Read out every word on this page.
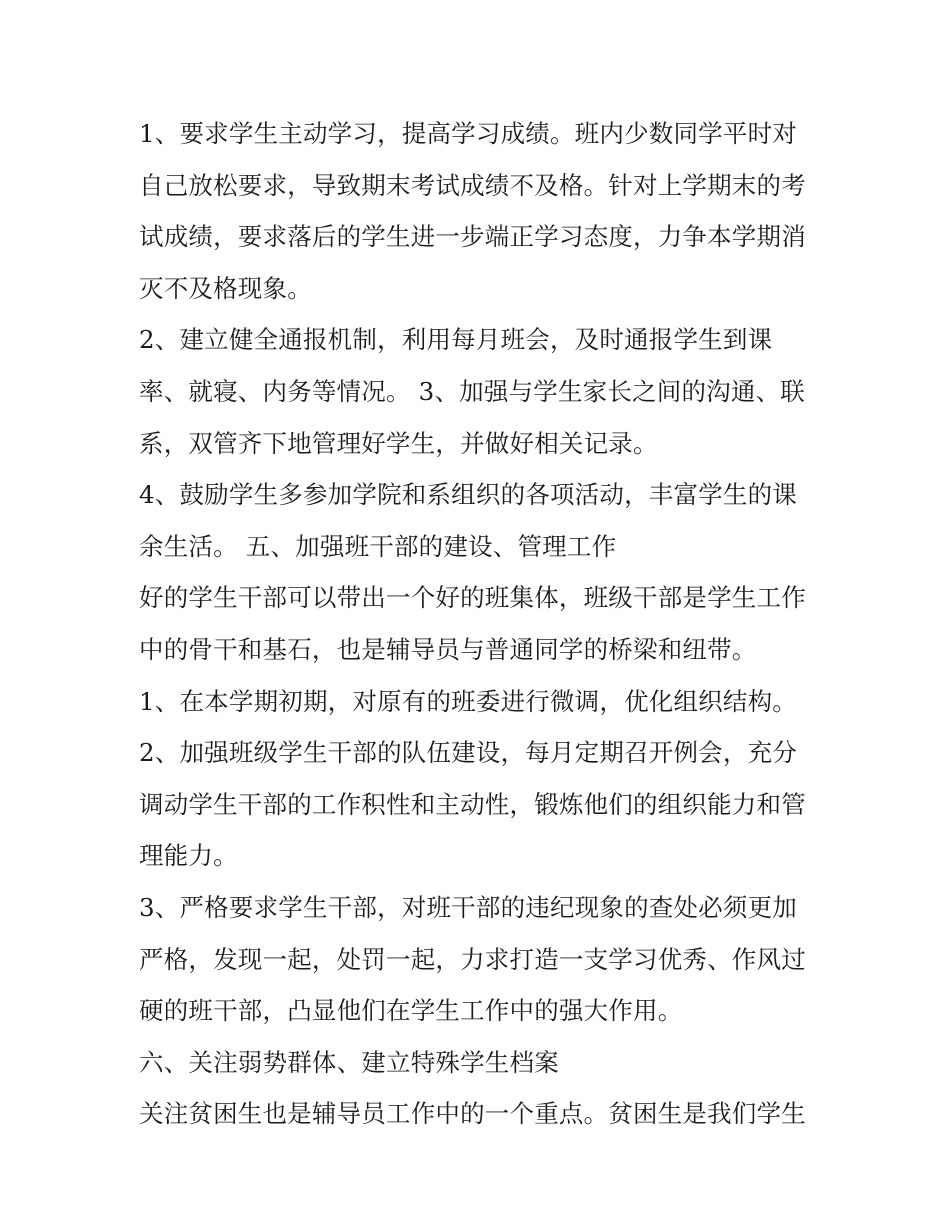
1、要求学生主动学习，提高学习成绩。班内少数同学平时对
自己放松要求，导致期末考试成绩不及格。针对上学期末的考
试成绩，要求落后的学生进一步端正学习态度，力争本学期消
灭不及格现象。
2、建立健全通报机制，利用每月班会，及时通报学生到课
率、就寝、内务等情况。 3、加强与学生家长之间的沟通、联
系，双管齐下地管理好学生，并做好相关记录。
4、鼓励学生多参加学院和系组织的各项活动，丰富学生的课
余生活。 五、加强班干部的建设、管理工作
好的学生干部可以带出一个好的班集体，班级干部是学生工作
中的骨干和基石，也是辅导员与普通同学的桥梁和纽带。
1、在本学期初期，对原有的班委进行微调，优化组织结构。
2、加强班级学生干部的队伍建设，每月定期召开例会，充分
调动学生干部的工作积性和主动性，锻炼他们的组织能力和管
理能力。
3、严格要求学生干部，对班干部的违纪现象的查处必须更加
严格，发现一起，处罚一起，力求打造一支学习优秀、作风过
硬的班干部，凸显他们在学生工作中的强大作用。
六、关注弱势群体、建立特殊学生档案
关注贫困生也是辅导员工作中的一个重点。贫困生是我们学生
